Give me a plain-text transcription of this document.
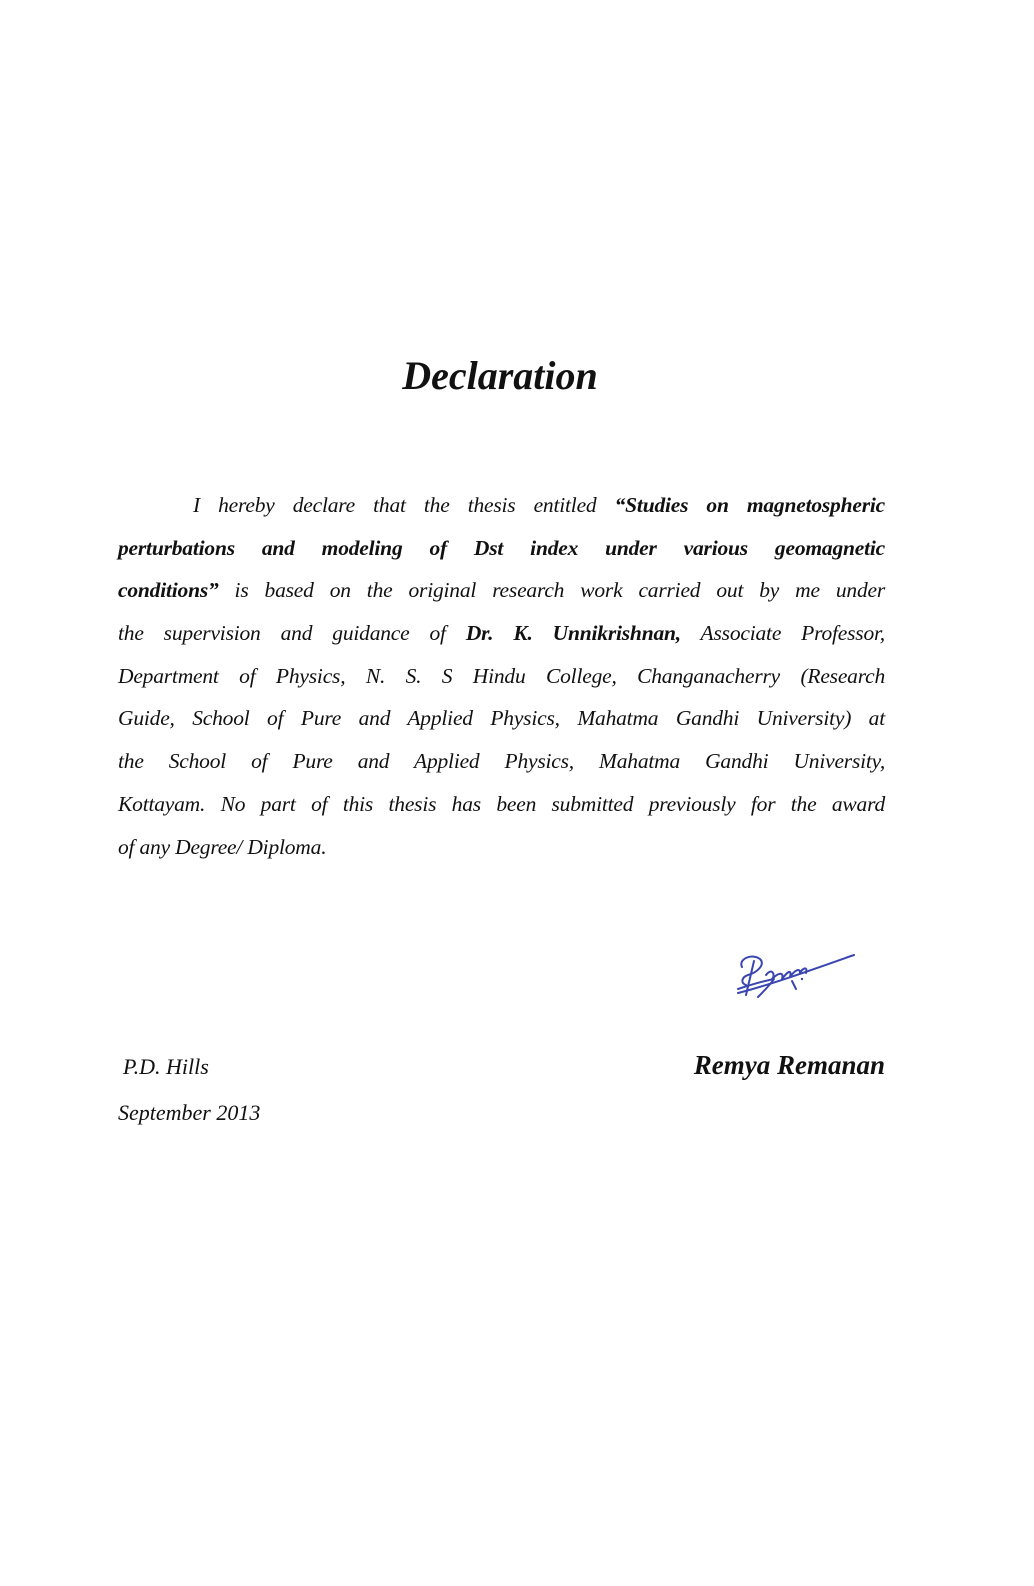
Declaration
I hereby declare that the thesis entitled “Studies on magnetospheric
perturbations and modeling of Dst index under various geomagnetic
conditions” is based on the original research work carried out by me under
the supervision and guidance of Dr. K. Unnikrishnan, Associate Professor,
Department of Physics, N. S. S Hindu College, Changanacherry (Research
Guide, School of Pure and Applied Physics, Mahatma Gandhi University) at
the School of Pure and Applied Physics, Mahatma Gandhi University,
Kottayam. No part of this thesis has been submitted previously for the award
of any Degree/ Diploma.
P.D. Hills
September 2013
Remya Remanan
